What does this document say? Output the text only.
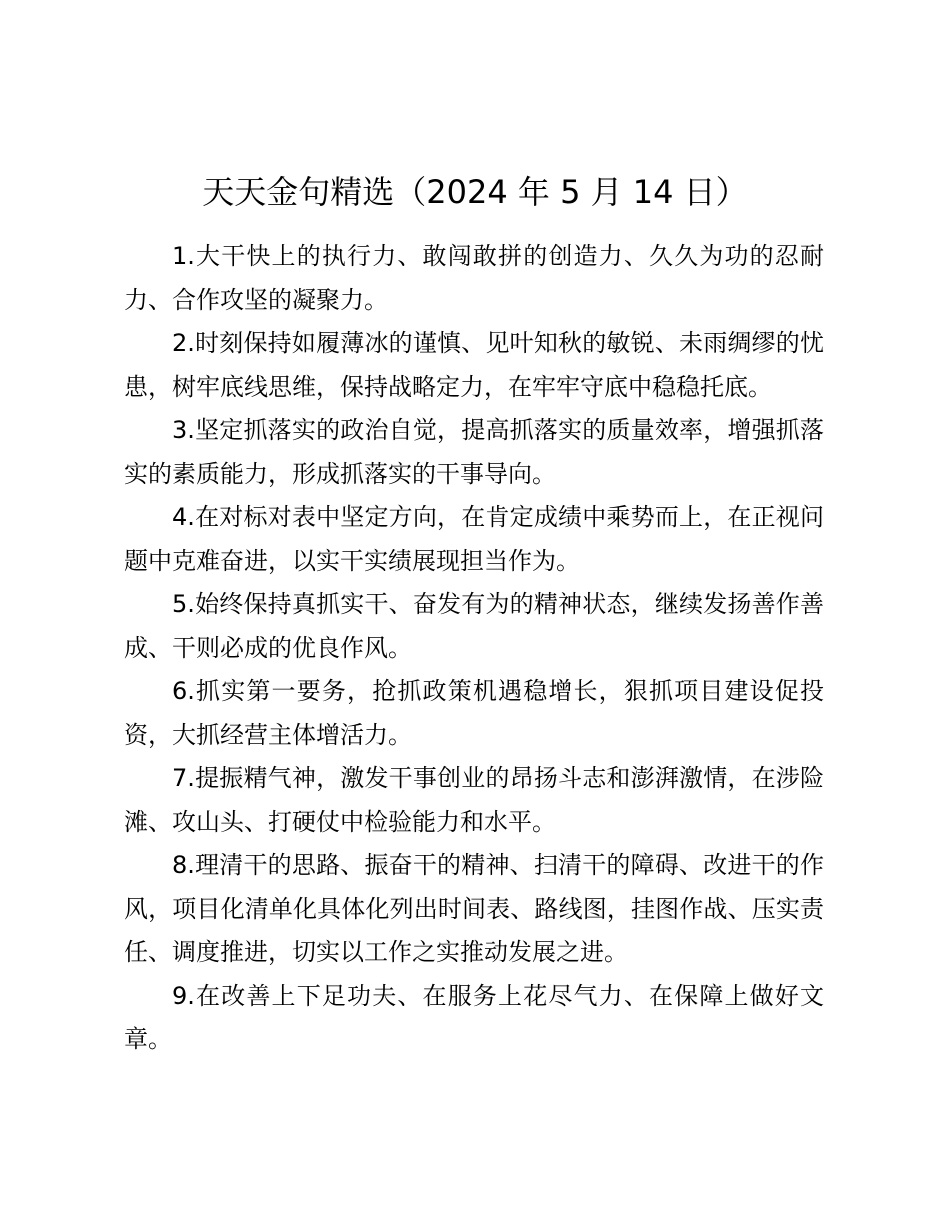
天天金句精选（2024 年 5 月 14 日）

1.大干快上的执行力、敢闯敢拼的创造力、久久为功的忍耐力、合作攻坚的凝聚力。

2.时刻保持如履薄冰的谨慎、见叶知秋的敏锐、未雨绸缪的忧患，树牢底线思维，保持战略定力，在牢牢守底中稳稳托底。

3.坚定抓落实的政治自觉，提高抓落实的质量效率，增强抓落实的素质能力，形成抓落实的干事导向。

4.在对标对表中坚定方向，在肯定成绩中乘势而上，在正视问题中克难奋进，以实干实绩展现担当作为。

5.始终保持真抓实干、奋发有为的精神状态，继续发扬善作善成、干则必成的优良作风。

6.抓实第一要务，抢抓政策机遇稳增长，狠抓项目建设促投资，大抓经营主体增活力。

7.提振精气神，激发干事创业的昂扬斗志和澎湃激情，在涉险滩、攻山头、打硬仗中检验能力和水平。

8.理清干的思路、振奋干的精神、扫清干的障碍、改进干的作风，项目化清单化具体化列出时间表、路线图，挂图作战、压实责任、调度推进，切实以工作之实推动发展之进。

9.在改善上下足功夫、在服务上花尽气力、在保障上做好文章。
